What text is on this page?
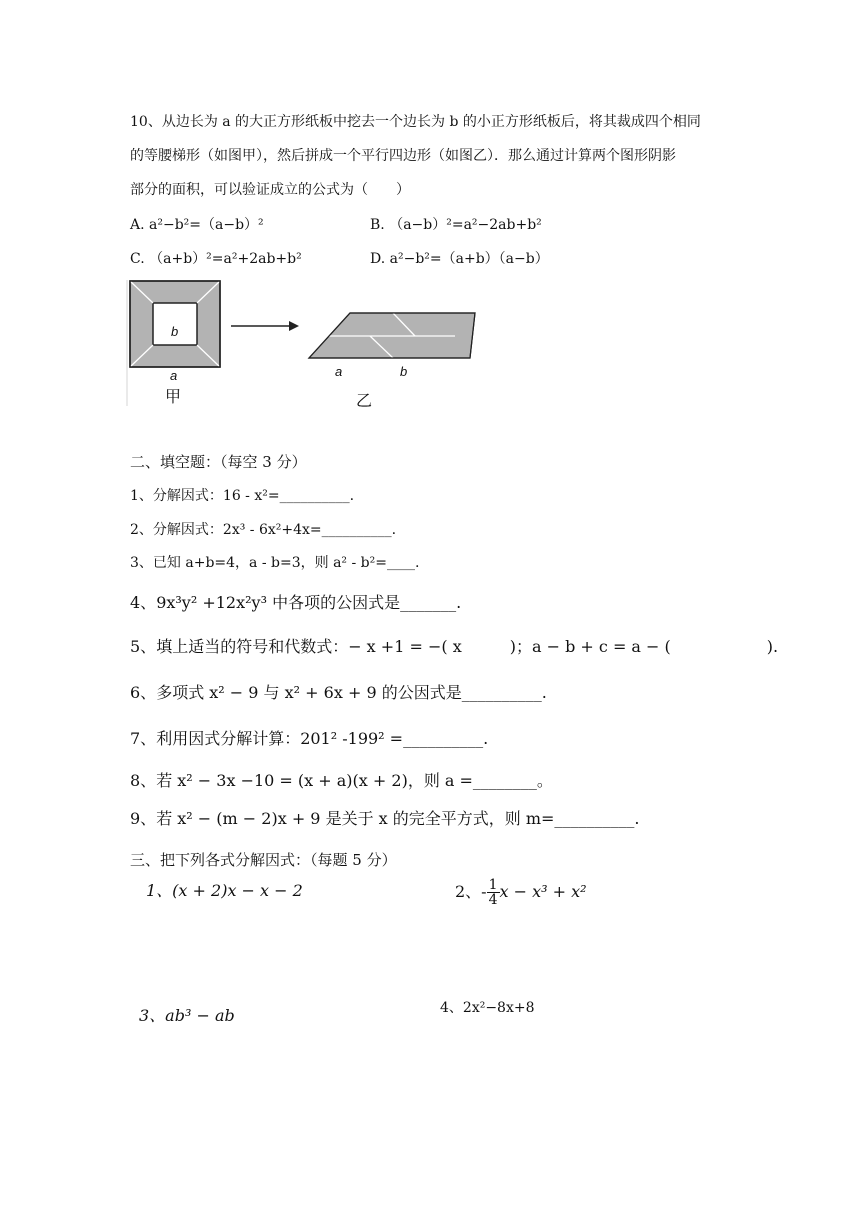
10、从边长为 a 的大正方形纸板中挖去一个边长为 b 的小正方形纸板后，将其裁成四个相同
的等腰梯形（如图甲），然后拼成一个平行四边形（如图乙）．那么通过计算两个图形阴影
部分的面积，可以验证成立的公式为（　　）
A. a²−b²=（a−b）²	B. （a−b）²=a²−2ab+b²
C. （a+b）²=a²+2ab+b²	D. a²−b²=（a+b）（a−b）
b
a
甲
a	b
乙
二、填空题：（每空 3 分）
1、分解因式：16 - x²=__________.
2、分解因式：2x³ - 6x²+4x=__________.
3、已知 a+b=4，a - b=3，则 a² - b²=____.
4、9x³y² +12x²y³ 中各项的公因式是_______.
5、填上适当的符号和代数式：− x +1 = −( x　　　)；a − b + c = a − (　　　　　　).
6、多项式 x² − 9 与 x² + 6x + 9 的公因式是__________.
7、利用因式分解计算：201² -199² =__________.
8、若 x² − 3x −10 = (x + a)(x + 2)，则 a =________。
9、若 x² − (m − 2)x + 9 是关于 x 的完全平方式，则 m=__________.
三、把下列各式分解因式：（每题 5 分）
1、(x + 2)x − x − 2	2、- $\frac{1}{4}$ x − x³ + x²
3、ab³ − ab	4、2x²−8x+8
